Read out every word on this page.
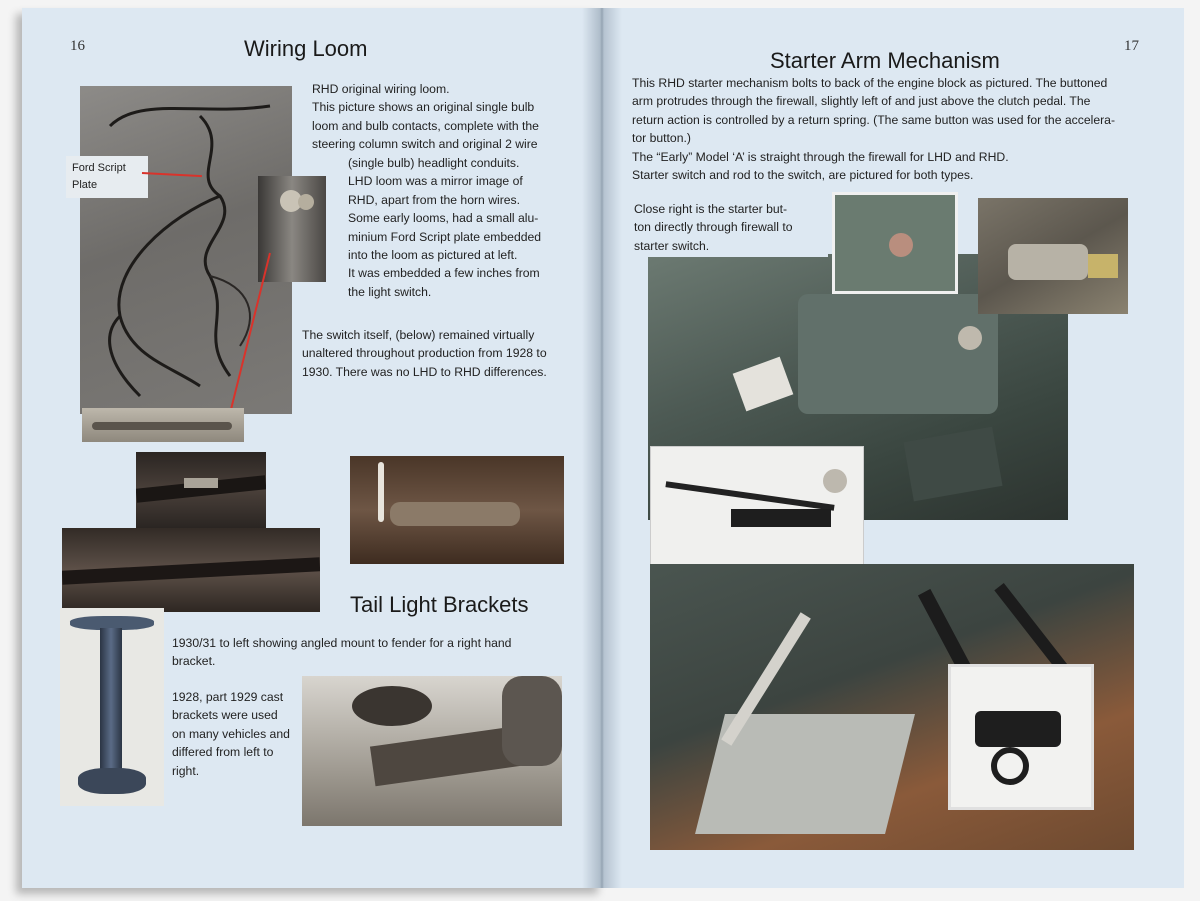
16	Wiring Loom
Ford Script
Plate

RHD original wiring loom.

This picture shows an original single bulb

loom and bulb contacts, complete with the

steering column switch and original 2 wire

(single bulb) headlight conduits.

LHD loom was a mirror image of

RHD, apart from the horn wires.

Some early looms, had a small alu-

minium Ford Script plate embedded

into the loom as pictured at left.

It was embedded a few inches from

the light switch.

The switch itself, (below) remained virtually

unaltered throughout production from 1928 to

1930. There was no LHD to RHD differences.

Tail Light Brackets

1930/31 to left showing angled mount to fender for a right hand

bracket.

1928, part 1929 cast

brackets were used

on many vehicles and

differed from left to

right.

17
Starter Arm Mechanism

This RHD starter mechanism bolts to back of the engine block as pictured. The buttoned

arm protrudes through the firewall, slightly left of and just above the clutch pedal. The

return action is controlled by a return spring. (The same button was used for the accelera-

tor button.)

The “Early” Model ‘A’ is straight through the firewall for LHD and RHD.

Starter switch and rod to the switch, are pictured for both types.

Close right is the starter but-

ton directly through firewall to

starter switch.
